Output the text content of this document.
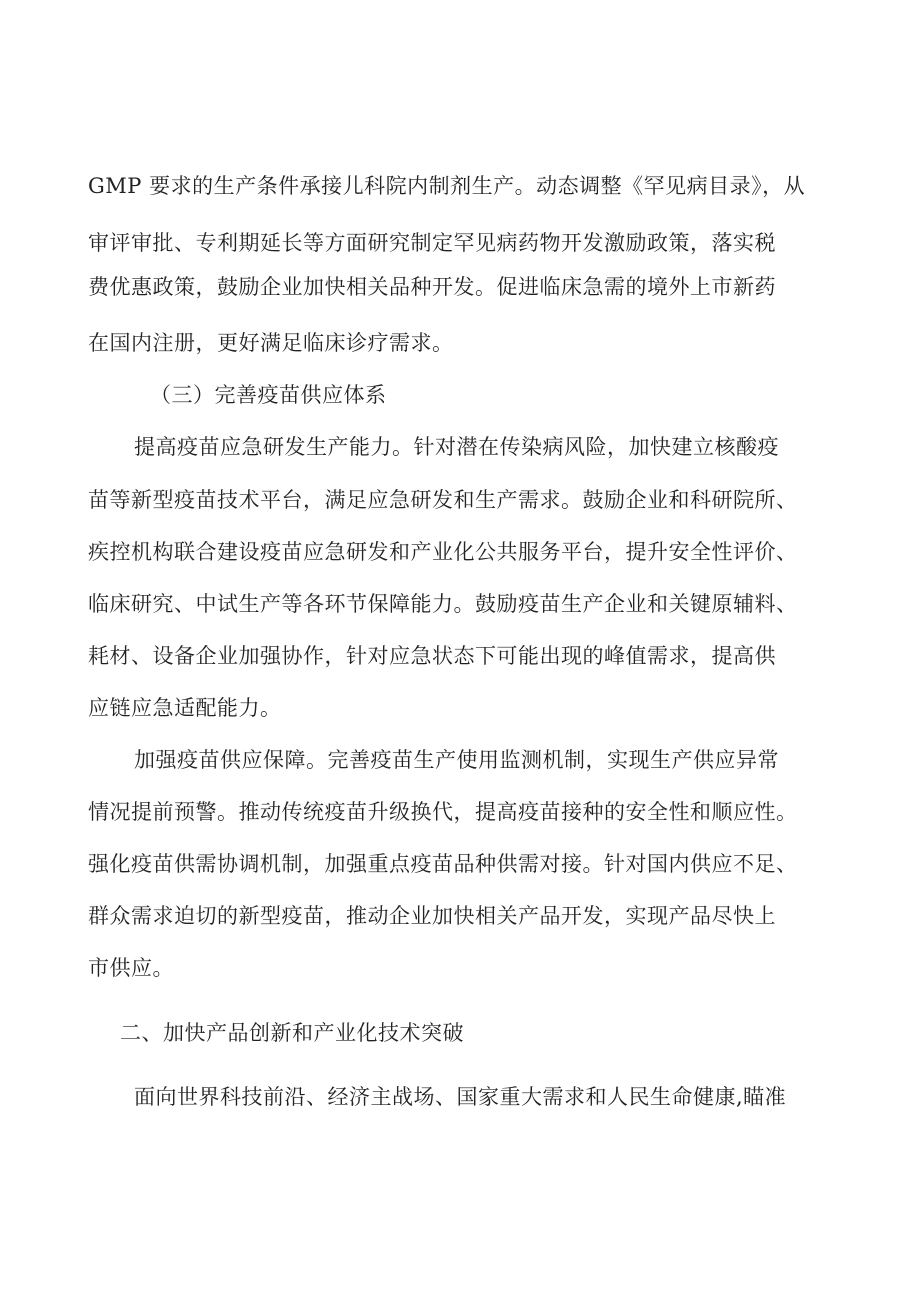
GMP 要求的生产条件承接儿科院内制剂生产。动态调整《罕见病目录》，从
审评审批、专利期延长等方面研究制定罕见病药物开发激励政策，落实税
费优惠政策，鼓励企业加快相关品种开发。促进临床急需的境外上市新药
在国内注册，更好满足临床诊疗需求。
（三）完善疫苗供应体系
提高疫苗应急研发生产能力。针对潜在传染病风险，加快建立核酸疫
苗等新型疫苗技术平台，满足应急研发和生产需求。鼓励企业和科研院所、
疾控机构联合建设疫苗应急研发和产业化公共服务平台，提升安全性评价、
临床研究、中试生产等各环节保障能力。鼓励疫苗生产企业和关键原辅料、
耗材、设备企业加强协作，针对应急状态下可能出现的峰值需求，提高供
应链应急适配能力。
加强疫苗供应保障。完善疫苗生产使用监测机制，实现生产供应异常
情况提前预警。推动传统疫苗升级换代，提高疫苗接种的安全性和顺应性。
强化疫苗供需协调机制，加强重点疫苗品种供需对接。针对国内供应不足、
群众需求迫切的新型疫苗，推动企业加快相关产品开发，实现产品尽快上
市供应。
二、加快产品创新和产业化技术突破
面向世界科技前沿、经济主战场、国家重大需求和人民生命健康,瞄准
